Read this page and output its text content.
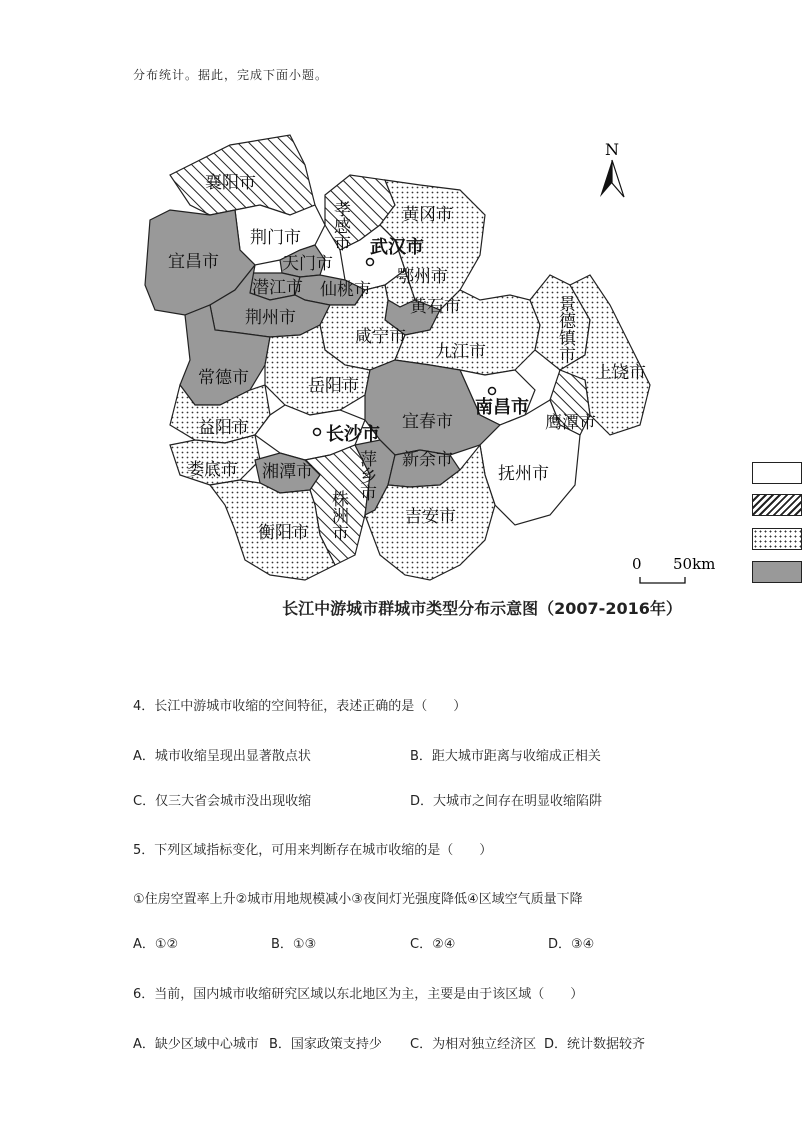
分布统计。据此，完成下面小题。
襄阳市
孝感市	黄冈市
荆门市	武汉市
宜昌市	天门市
鄂州市
潜江市 仙桃市
黄石市
荆州市	景德镇市
咸宁市
九江市
常德市	上饶市
岳阳市
南昌市
益阳市	宜春市	鹰潭市
长沙市
萍乡市 新余市
娄底市 湘潭市	抚州市
株洲市	吉安市
衡阳市
N
0 50km
长江中游城市群城市类型分布示意图（2007-2016年）
4．长江中游城市收缩的空间特征，表述正确的是（　　）
A．城市收缩呈现出显著散点状	B．距大城市距离与收缩成正相关
C．仅三大省会城市没出现收缩	D．大城市之间存在明显收缩陷阱
5．下列区域指标变化，可用来判断存在城市收缩的是（　　）
①住房空置率上升②城市用地规模减小③夜间灯光强度降低④区域空气质量下降
A．①②	B．①③	C．②④	D．③④
6．当前，国内城市收缩研究区域以东北地区为主，主要是由于该区域（　　）
A．缺少区域中心城市 B．国家政策支持少 C．为相对独立经济区 D．统计数据较齐
